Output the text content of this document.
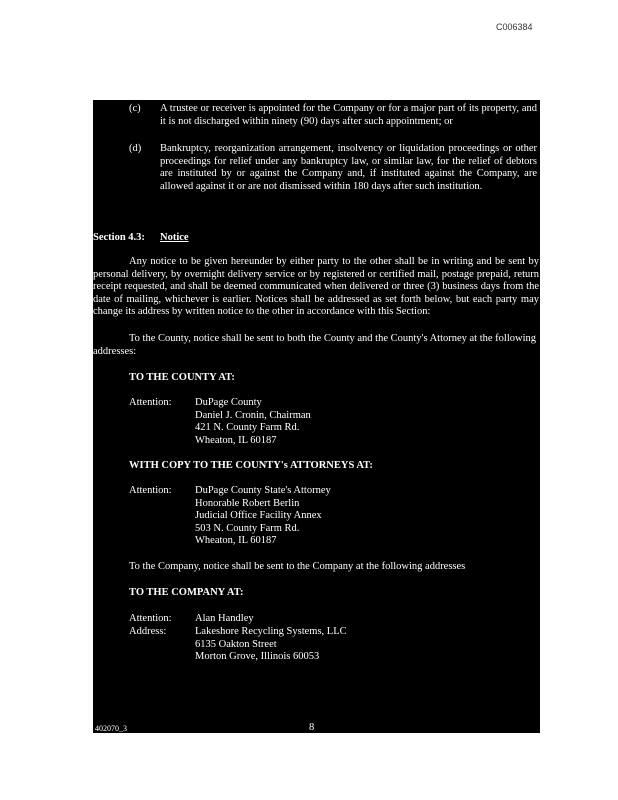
C006384
(c) A trustee or receiver is appointed for the Company or for a major part of its property, and it is not discharged within ninety (90) days after such appointment; or
(d) Bankruptcy, reorganization arrangement, insolvency or liquidation proceedings or other proceedings for relief under any bankruptcy law, or similar law, for the relief of debtors are instituted by or against the Company and, if instituted against the Company, are allowed against it or are not dismissed within 180 days after such institution.
Section 4.3: Notice
Any notice to be given hereunder by either party to the other shall be in writing and be sent by personal delivery, by overnight delivery service or by registered or certified mail, postage prepaid, return receipt requested, and shall be deemed communicated when delivered or three (3) business days from the date of mailing, whichever is earlier. Notices shall be addressed as set forth below, but each party may change its address by written notice to the other in accordance with this Section:
To the County, notice shall be sent to both the County and the County's Attorney at the following addresses:
TO THE COUNTY AT:
Attention: DuPage County
Daniel J. Cronin, Chairman
421 N. County Farm Rd.
Wheaton, IL 60187
WITH COPY TO THE COUNTY's ATTORNEYS AT:
Attention: DuPage County State's Attorney
Honorable Robert Berlin
Judicial Office Facility Annex
503 N. County Farm Rd.
Wheaton, IL 60187
To the Company, notice shall be sent to the Company at the following addresses
TO THE COMPANY AT:
Attention: Alan Handley
Address:	Lakeshore Recycling Systems, LLC
6135 Oakton Street
Morton Grove, Illinois 60053
402070_3	8
